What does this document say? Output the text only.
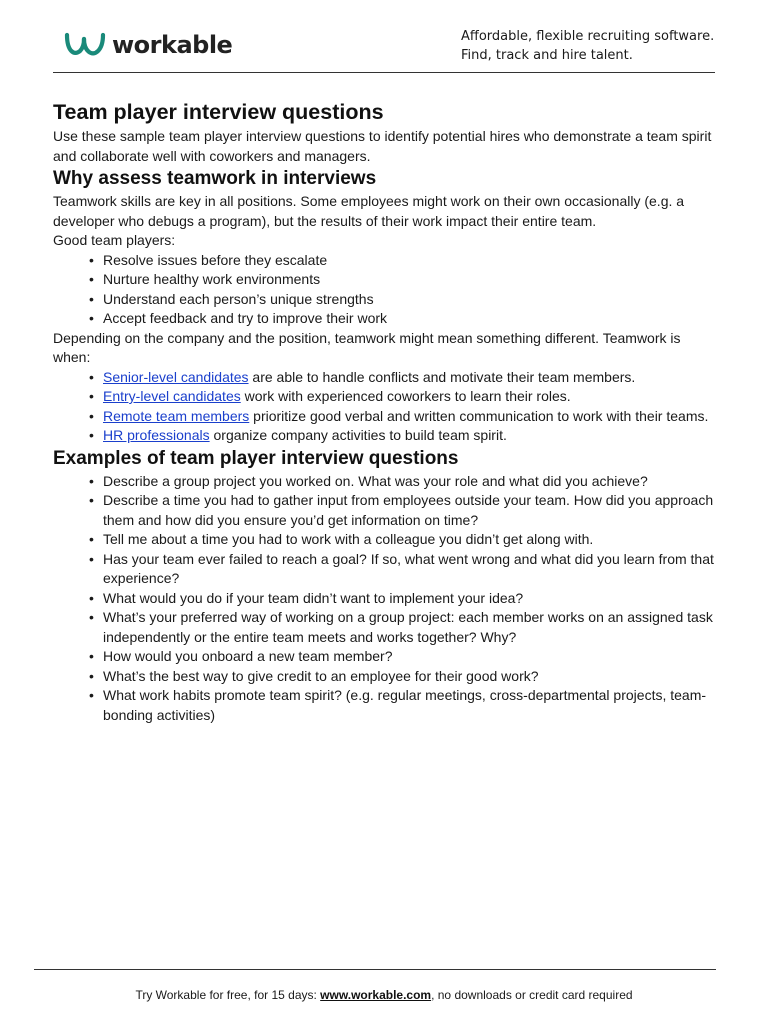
workable	Affordable, flexible recruiting software.
Find, track and hire talent.
Team player interview questions

Use these sample team player interview questions to identify potential hires who demonstrate a team spirit and collaborate well with coworkers and managers.

Why assess teamwork in interviews

Teamwork skills are key in all positions. Some employees might work on their own occasionally (e.g. a developer who debugs a program), but the results of their work impact their entire team.

Good team players:

• Resolve issues before they escalate
• Nurture healthy work environments
• Understand each person’s unique strengths
• Accept feedback and try to improve their work

Depending on the company and the position, teamwork might mean something different. Teamwork is when:

• Senior-level candidates are able to handle conflicts and motivate their team members.
• Entry-level candidates work with experienced coworkers to learn their roles.
• Remote team members prioritize good verbal and written communication to work with their teams.
• HR professionals organize company activities to build team spirit.
Examples of team player interview questions
• Describe a group project you worked on. What was your role and what did you achieve?
• Describe a time you had to gather input from employees outside your team. How did you approach them and how did you ensure you’d get information on time?
• Tell me about a time you had to work with a colleague you didn’t get along with.
• Has your team ever failed to reach a goal? If so, what went wrong and what did you learn from that experience?
• What would you do if your team didn’t want to implement your idea?
• What’s your preferred way of working on a group project: each member works on an assigned task independently or the entire team meets and works together? Why?
• How would you onboard a new team member?
• What’s the best way to give credit to an employee for their good work?
• What work habits promote team spirit? (e.g. regular meetings, cross-departmental projects, team-bonding activities)
Try Workable for free, for 15 days: www.workable.com, no downloads or credit card required
